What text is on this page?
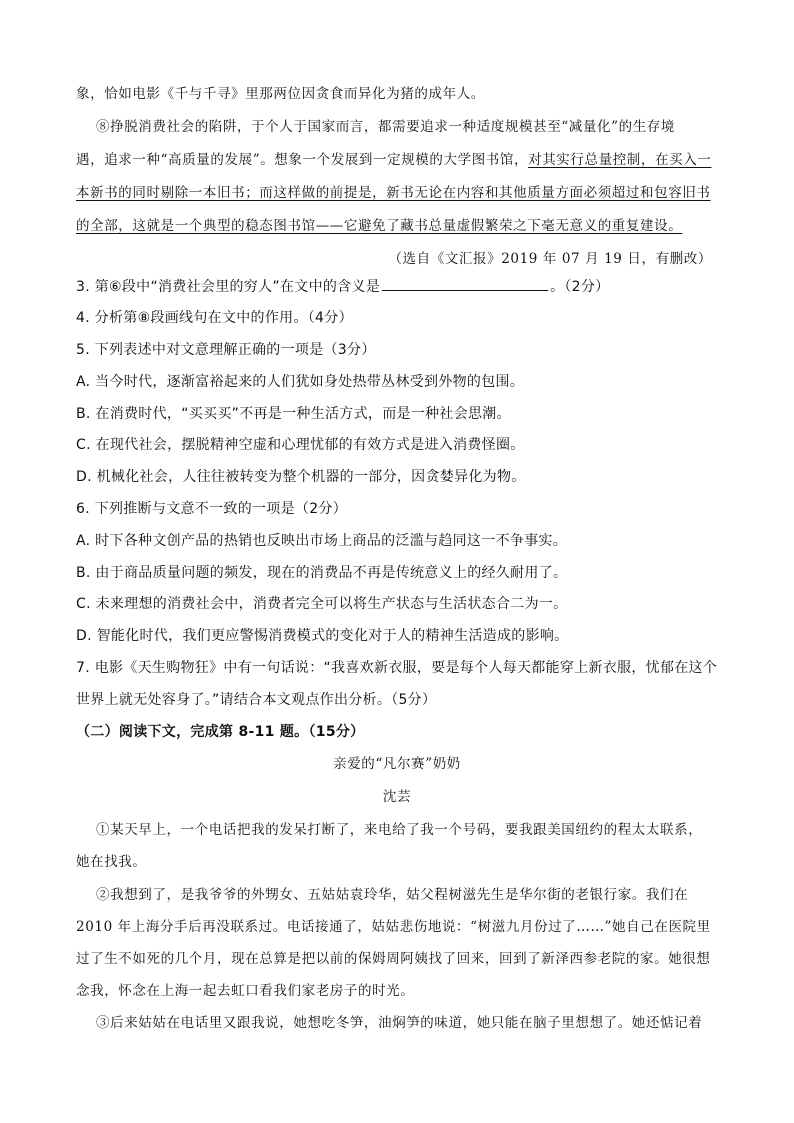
象，恰如电影《千与千寻》里那两位因贪食而异化为猪的成年人。
⑧挣脱消费社会的陷阱，于个人于国家而言，都需要追求一种适度规模甚至“减量化”的生存境
遇，追求一种“高质量的发展”。想象一个发展到一定规模的大学图书馆，对其实行总量控制，在买入一
本新书的同时剔除一本旧书；而这样做的前提是，新书无论在内容和其他质量方面必须超过和包容旧书
的全部，这就是一个典型的稳态图书馆——它避免了藏书总量虚假繁荣之下毫无意义的重复建设。
（选自《文汇报》2019 年 07 月 19 日，有删改）
3. 第⑥段中“消费社会里的穷人”在文中的含义是	。（2分）
4. 分析第⑧段画线句在文中的作用。（4分）
5. 下列表述中对文意理解正确的一项是（3分）
A. 当今时代，逐渐富裕起来的人们犹如身处热带丛林受到外物的包围。
B. 在消费时代，“买买买”不再是一种生活方式，而是一种社会思潮。
C. 在现代社会，摆脱精神空虚和心理忧郁的有效方式是进入消费怪圈。
D. 机械化社会，人往往被转变为整个机器的一部分，因贪婪异化为物。
6. 下列推断与文意不一致的一项是（2分）
A. 时下各种文创产品的热销也反映出市场上商品的泛滥与趋同这一不争事实。
B. 由于商品质量问题的频发，现在的消费品不再是传统意义上的经久耐用了。
C. 未来理想的消费社会中，消费者完全可以将生产状态与生活状态合二为一。
D. 智能化时代，我们更应警惕消费模式的变化对于人的精神生活造成的影响。
7. 电影《天生购物狂》中有一句话说：“我喜欢新衣服，要是每个人每天都能穿上新衣服，忧郁在这个
世界上就无处容身了。”请结合本文观点作出分析。（5分）
（二）阅读下文，完成第 8-11 题。（15分）
亲爱的“凡尔赛”奶奶
沈芸
①某天早上，一个电话把我的发呆打断了，来电给了我一个号码，要我跟美国纽约的程太太联系，
她在找我。
②我想到了，是我爷爷的外甥女、五姑姑袁玲华，姑父程树滋先生是华尔街的老银行家。我们在
2010 年上海分手后再没联系过。电话接通了，姑姑悲伤地说：“树滋九月份过了……”她自己在医院里
过了生不如死的几个月，现在总算是把以前的保姆周阿姨找了回来，回到了新泽西参老院的家。她很想
念我，怀念在上海一起去虹口看我们家老房子的时光。
③后来姑姑在电话里又跟我说，她想吃冬笋，油焖笋的味道，她只能在脑子里想想了。她还惦记着
